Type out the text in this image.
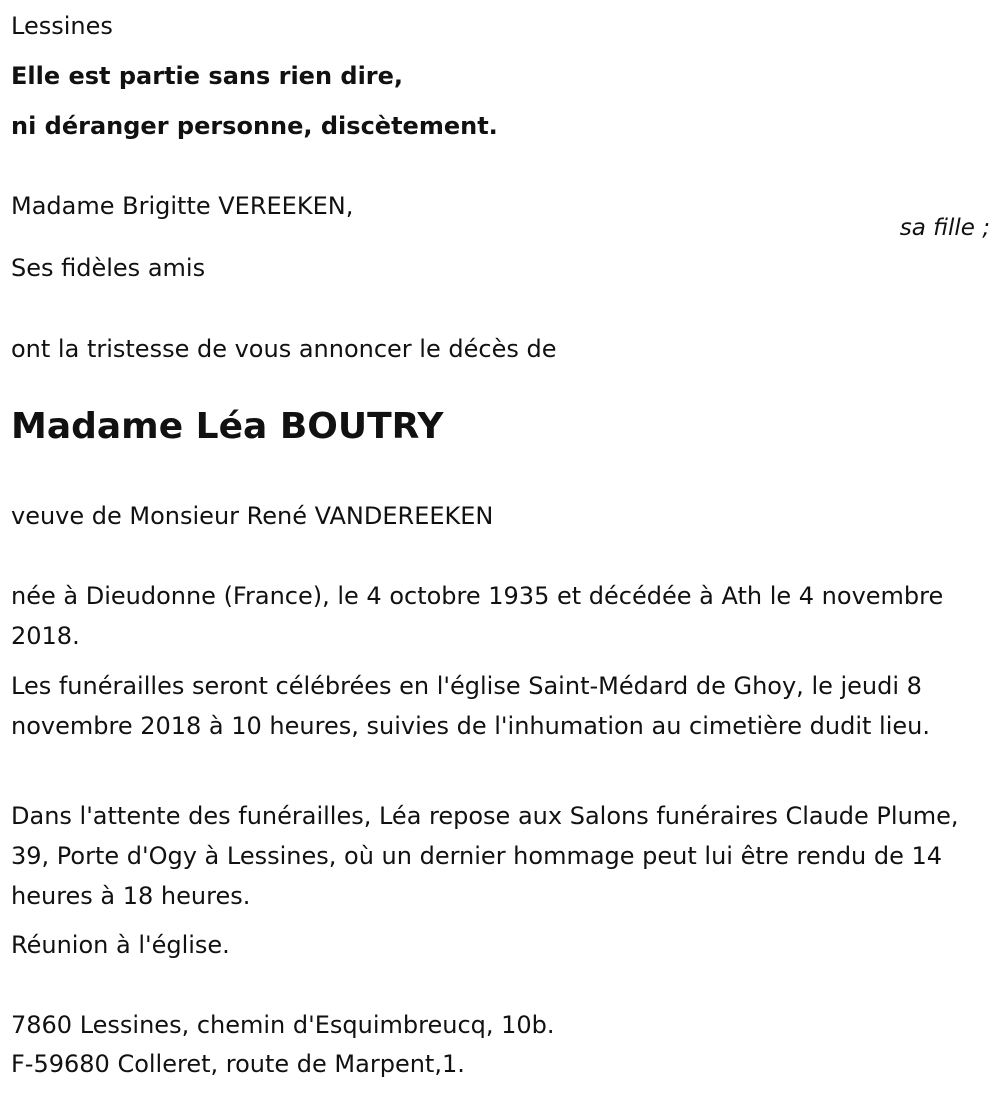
Lessines

Elle est partie sans rien dire,

ni déranger personne, discètement.

Madame Brigitte VEREEKEN,

sa fille ;

Ses fidèles amis

ont la tristesse de vous annoncer le décès de

Madame Léa BOUTRY

veuve de Monsieur René VANDEREEKEN

née à Dieudonne (France), le 4 octobre 1935 et décédée à Ath le 4 novembre 2018.

Les funérailles seront célébrées en l'église Saint-Médard de Ghoy, le jeudi 8 novembre 2018 à 10 heures, suivies de l'inhumation au cimetière dudit lieu.

Dans l'attente des funérailles, Léa repose aux Salons funéraires Claude Plume, 39, Porte d'Ogy à Lessines, où un dernier hommage peut lui être rendu de 14 heures à 18 heures.

Réunion à l'église.

7860 Lessines, chemin d'Esquimbreucq, 10b.

F-59680 Colleret, route de Marpent,1.
